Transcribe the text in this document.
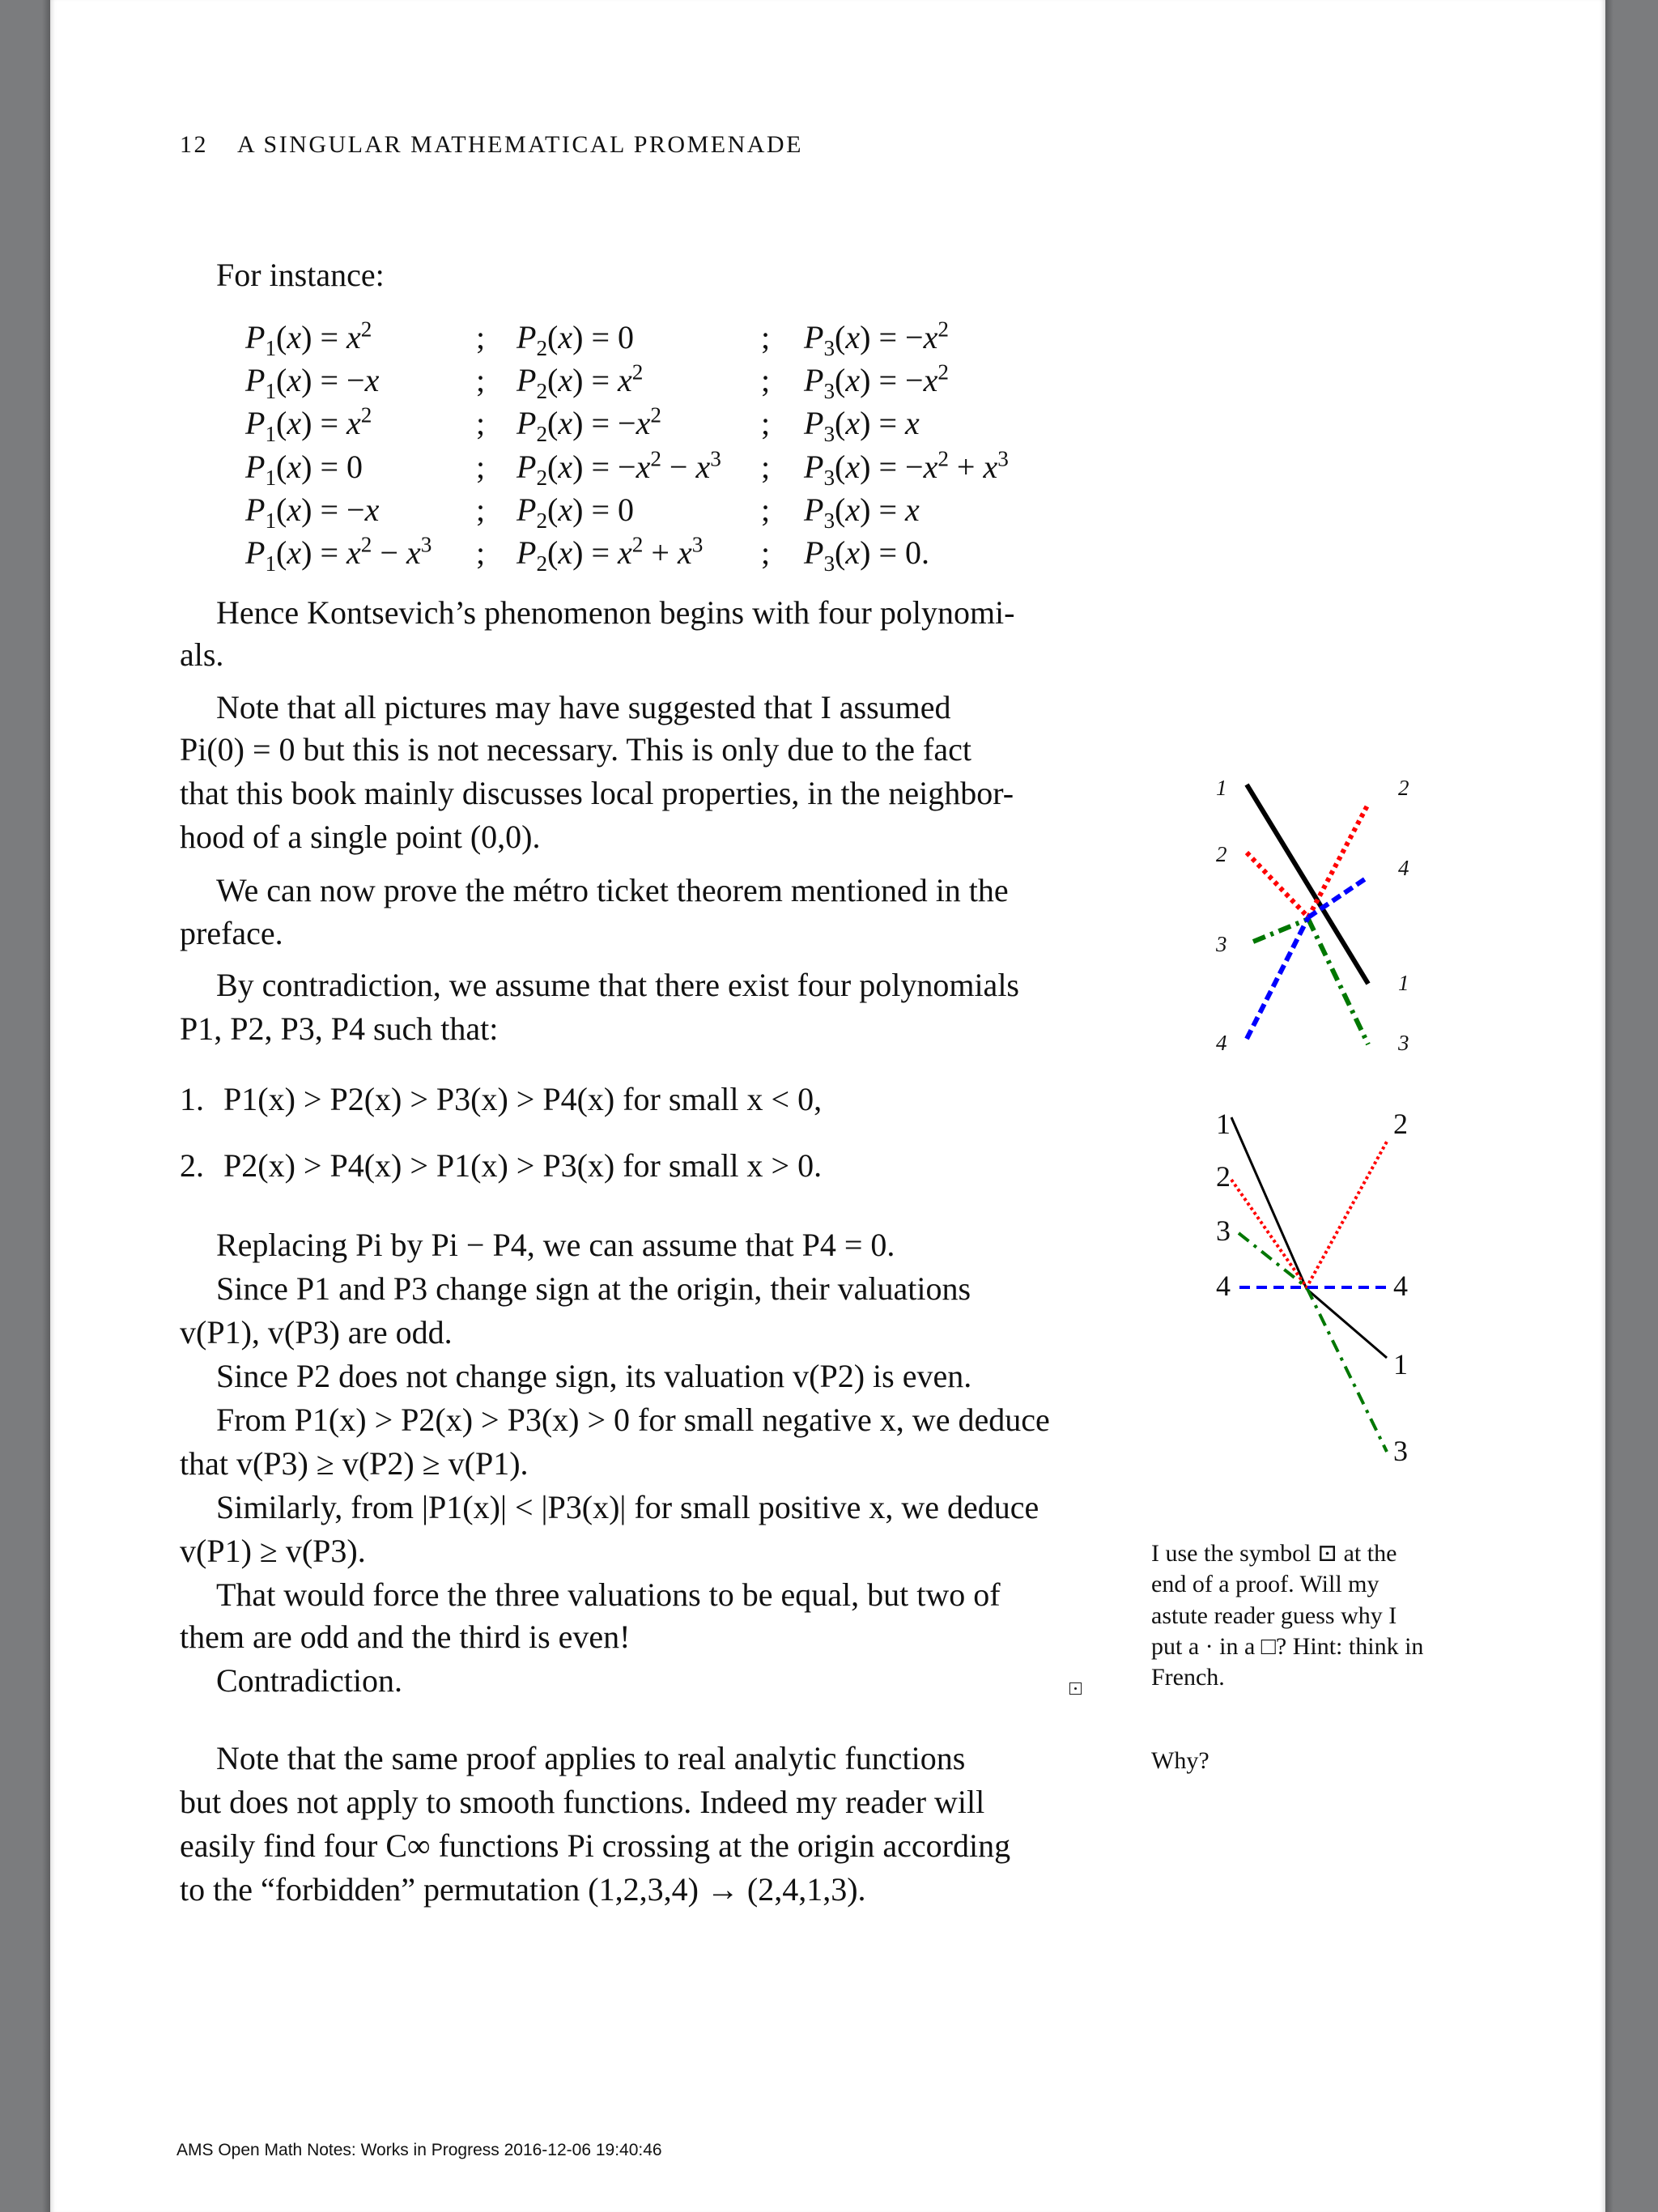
12 A SINGULAR MATHEMATICAL PROMENADE
For instance:
$P_1(x) = x^2$	; $P_2(x) = 0$	; $P_3(x) = -x^2$
$P_1(x) = -x$	; $P_2(x) = x^2$	; $P_3(x) = -x^2$
$P_1(x) = x^2$	; $P_2(x) = -x^2$	; $P_3(x) = x$
$P_1(x) = 0$	; $P_2(x) = -x^2 - x^3$ ; $P_3(x) = -x^2 + x^3$
$P_1(x) = -x$	; $P_2(x) = 0$	; $P_3(x) = x$
$P_1(x) = x^2 - x^3$ ; $P_2(x) = x^2 + x^3$ ; $P_3(x) = 0$.
Hence Kontsevich’s phenomenon begins with four polynomi-
als.
Note that all pictures may have suggested that I assumed
Pi(0) = 0 but this is not necessary. This is only due to the fact
that this book mainly discusses local properties, in the neighbor-
hood of a single point (0,0).
We can now prove the métro ticket theorem mentioned in the
preface.
By contradiction, we assume that there exist four polynomials
P1, P2, P3, P4 such that:
1. P1(x) > P2(x) > P3(x) > P4(x) for small x < 0,
2. P2(x) > P4(x) > P1(x) > P3(x) for small x > 0.
Replacing Pi by Pi − P4, we can assume that P4 = 0.
Since P1 and P3 change sign at the origin, their valuations
v(P1), v(P3) are odd.
Since P2 does not change sign, its valuation v(P2) is even.
From P1(x) > P2(x) > P3(x) > 0 for small negative x, we deduce
that v(P3) ≥ v(P2) ≥ v(P1).
Similarly, from |P1(x)| < |P3(x)| for small positive x, we deduce
v(P1) ≥ v(P3).
That would force the three valuations to be equal, but two of
them are odd and the third is even!
Contradiction.
Note that the same proof applies to real analytic functions
but does not apply to smooth functions. Indeed my reader will
easily find four C∞ functions Pi crossing at the origin according
to the “forbidden” permutation (1,2,3,4) → (2,4,1,3).
1
2
3
4
2
4
1
3
1
2
3
4
2
4
1
3
I use the symbol ⊡ at the
end of a proof. Will my
astute reader guess why I
put a · in a □? Hint: think in
French.
Why?
AMS Open Math Notes: Works in Progress 2016-12-06 19:40:46
